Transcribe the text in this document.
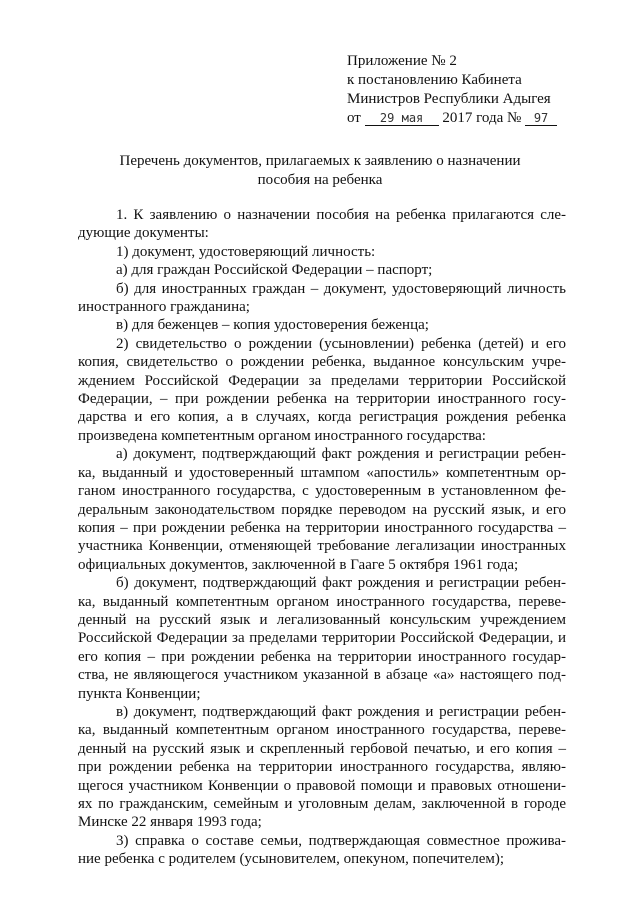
Приложение № 2
к постановлению Кабинета
Министров Республики Адыгея
от 29 мая 2017 года № 97
Перечень документов, прилагаемых к заявлению о назначении
пособия на ребенка

1. К заявлению о назначении пособия на ребенка прилагаются сле-дующие документы:

1) документ, удостоверяющий личность:

а) для граждан Российской Федерации – паспорт;

б) для иностранных граждан – документ, удостоверяющий личность иностранного гражданина;

в) для беженцев – копия удостоверения беженца;

2) свидетельство о рождении (усыновлении) ребенка (детей) и его копия, свидетельство о рождении ребенка, выданное консульским учре-ждением Российской Федерации за пределами территории Российской Федерации, – при рождении ребенка на территории иностранного госу-дарства и его копия, а в случаях, когда регистрация рождения ребенка произведена компетентным органом иностранного государства:

а) документ, подтверждающий факт рождения и регистрации ребен-ка, выданный и удостоверенный штампом «апостиль» компетентным ор-ганом иностранного государства, с удостоверенным в установленном фе-деральным законодательством порядке переводом на русский язык, и его копия – при рождении ребенка на территории иностранного государства – участника Конвенции, отменяющей требование легализации иностранных официальных документов, заключенной в Гааге 5 октября 1961 года;

б) документ, подтверждающий факт рождения и регистрации ребен-ка, выданный компетентным органом иностранного государства, переве-денный на русский язык и легализованный консульским учреждением Российской Федерации за пределами территории Российской Федерации, и его копия – при рождении ребенка на территории иностранного государ-ства, не являющегося участником указанной в абзаце «а» настоящего под-пункта Конвенции;

в) документ, подтверждающий факт рождения и регистрации ребен-ка, выданный компетентным органом иностранного государства, переве-денный на русский язык и скрепленный гербовой печатью, и его копия – при рождении ребенка на территории иностранного государства, являю-щегося участником Конвенции о правовой помощи и правовых отношени-ях по гражданским, семейным и уголовным делам, заключенной в городе Минске 22 января 1993 года;

3) справка о составе семьи, подтверждающая совместное прожива-ние ребенка с родителем (усыновителем, опекуном, попечителем);
